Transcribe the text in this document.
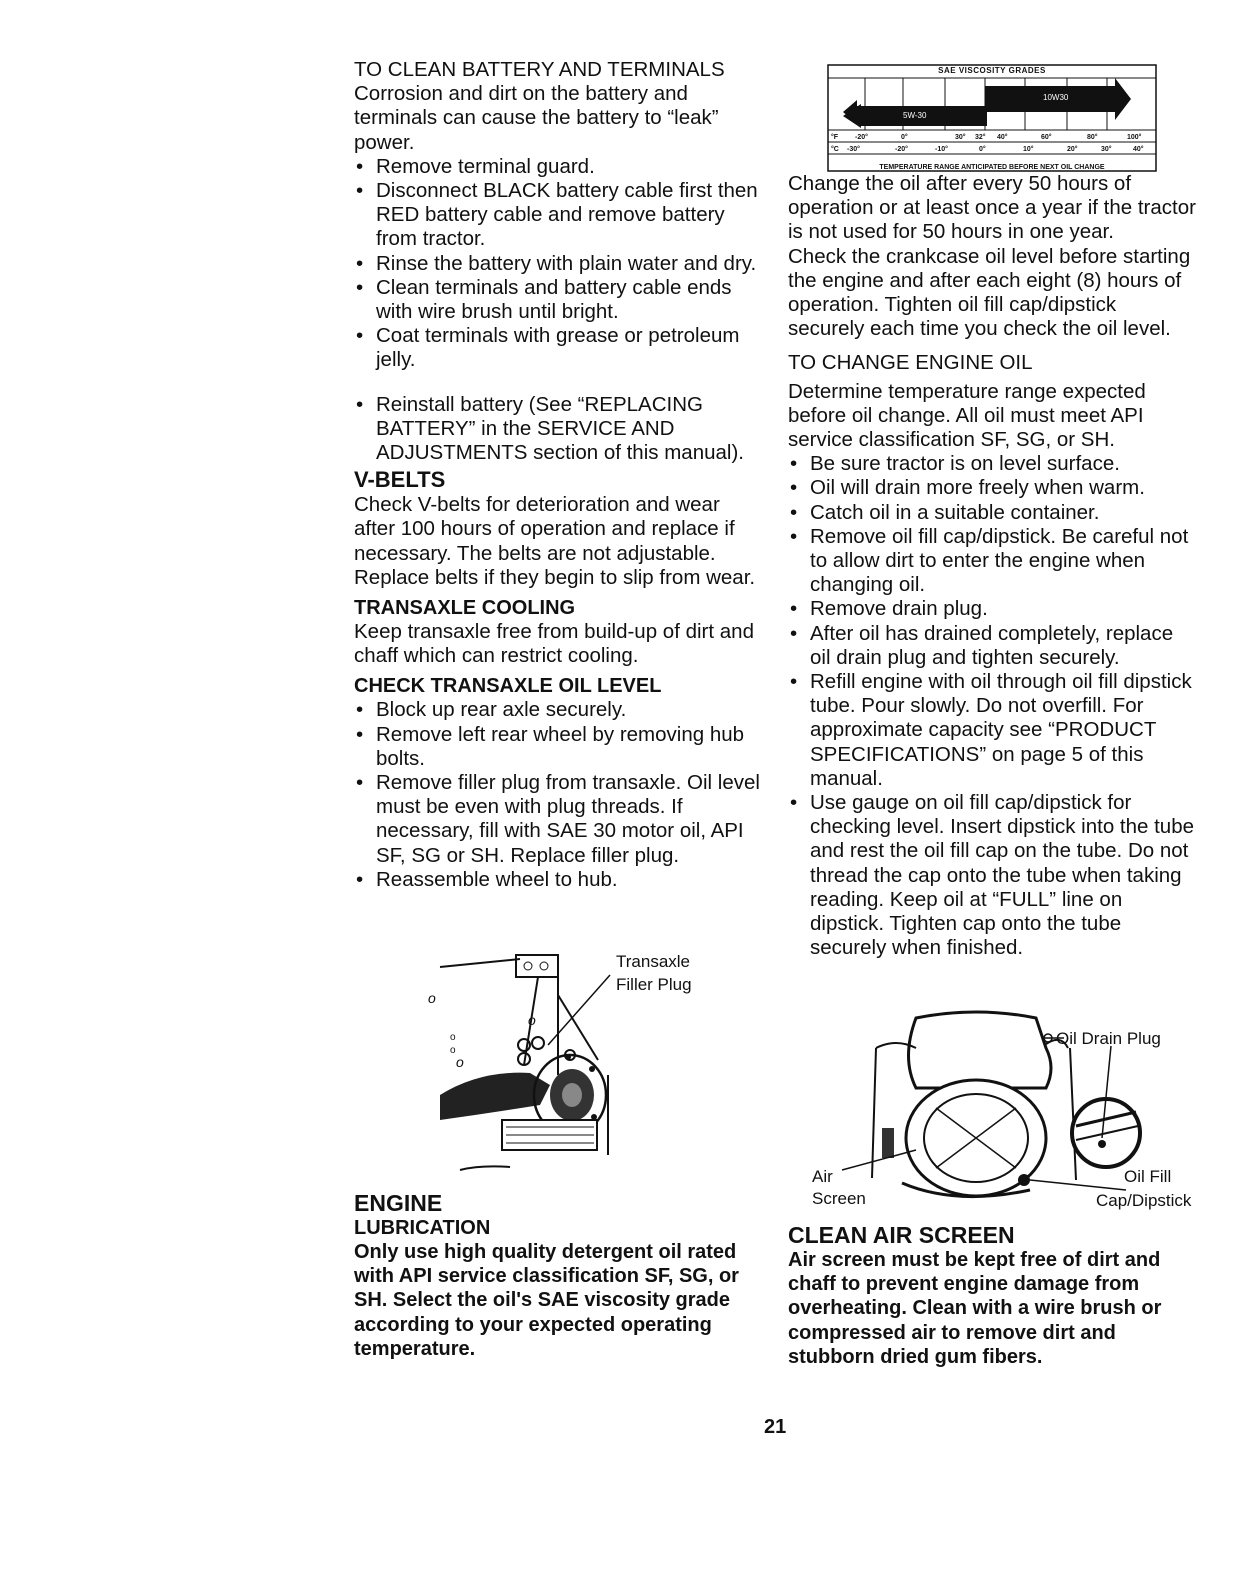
TO CLEAN BATTERY AND TERMINALS

Corrosion and dirt on the battery and terminals can cause the battery to “leak” power.

• Remove terminal guard.
• Disconnect BLACK battery cable first then RED battery cable and remove battery from tractor.
• Rinse the battery with plain water and dry.
• Clean terminals and battery cable ends with wire brush until bright.
• Coat terminals with grease or petroleum jelly.
• Reinstall battery (See “REPLACING BATTERY” in the SERVICE AND ADJUSTMENTS section of this manual).

V-BELTS

Check V-belts for deterioration and wear after 100 hours of operation and replace if necessary. The belts are not adjustable. Replace belts if they begin to slip from wear.

TRANSAXLE COOLING

Keep transaxle free from build-up of dirt and chaff which can restrict cooling.

CHECK TRANSAXLE OIL LEVEL

• Block up rear axle securely.
• Remove left rear wheel by removing hub bolts.
• Remove filler plug from transaxle. Oil level must be even with plug threads. If necessary, fill with SAE 30 motor oil, API SF, SG or SH. Replace filler plug.
• Reassemble wheel to hub.
o
o
o
o
o
Transaxle
Filler Plug

ENGINE

LUBRICATION

Only use high quality detergent oil rated with API service classification SF, SG, or SH. Select the oil's SAE viscosity grade according to your expected operating temperature.

°F -20°	0°	30° 32° 40°	60°	80°	100°
°C -30°	-20°	-10°	0°	10°	20°	30°	40°
SAE VISCOSITY GRADES
10W30
5W-30
TEMPERATURE RANGE ANTICIPATED BEFORE NEXT OIL CHANGE

Change the oil after every 50 hours of operation or at least once a year if the tractor is not used for 50 hours in one year.

Check the crankcase oil level before starting the engine and after each eight (8) hours of operation. Tighten oil fill cap/dipstick securely each time you check the oil level.

TO CHANGE ENGINE OIL

Determine temperature range expected before oil change. All oil must meet API service classification SF, SG, or SH.

• Be sure tractor is on level surface.
• Oil will drain more freely when warm.
• Catch oil in a suitable container.
• Remove oil fill cap/dipstick. Be careful not to allow dirt to enter the engine when changing oil.
• Remove drain plug.
• After oil has drained completely, replace oil drain plug and tighten securely.
• Refill engine with oil through oil fill dipstick tube. Pour slowly. Do not overfill. For approximate capacity see “PRODUCT SPECIFICATIONS” on page 5 of this manual.
• Use gauge on oil fill cap/dipstick for checking level. Insert dipstick into the tube and rest the oil fill cap on the tube. Do not thread the cap onto the tube when taking reading. Keep oil at “FULL” line on dipstick. Tighten cap onto the tube securely when finished.
Oil Drain Plug
Air
Screen
Oil Fill
Cap/Dipstick

CLEAN AIR SCREEN

Air screen must be kept free of dirt and chaff to prevent engine damage from overheating. Clean with a wire brush or compressed air to remove dirt and stubborn dried gum fibers.

21
